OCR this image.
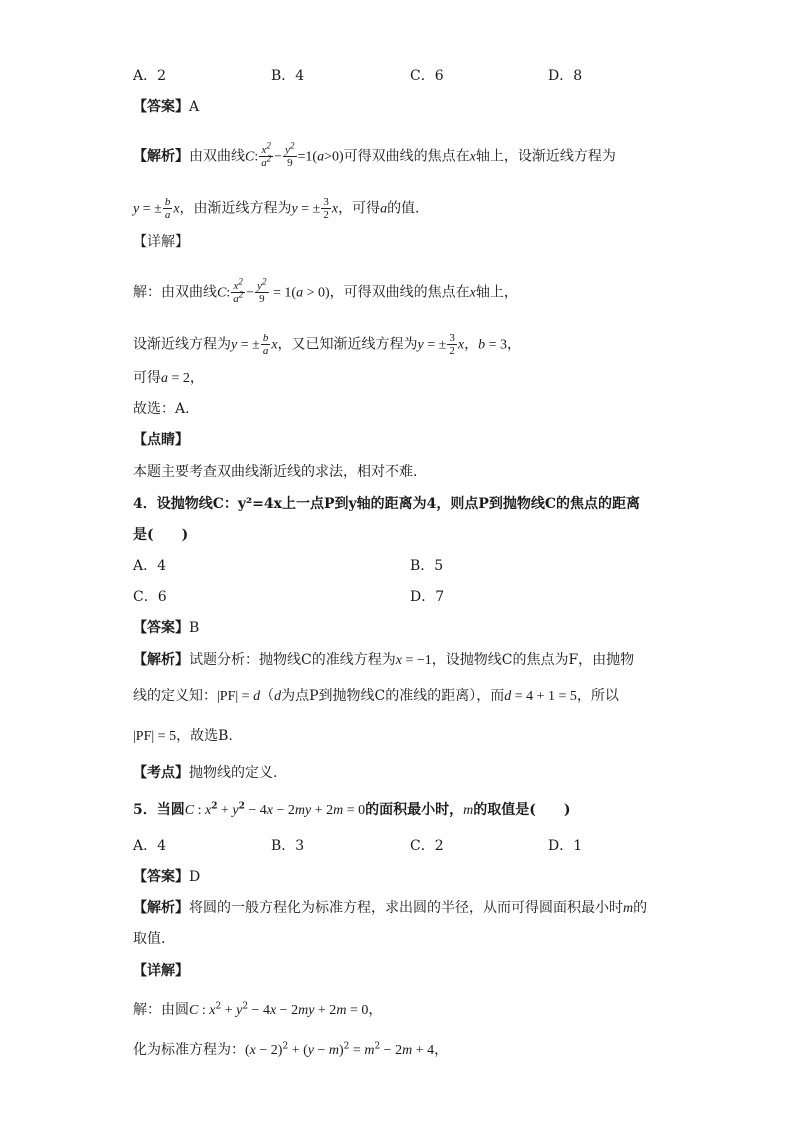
A．2	B．4	C．6	D．8
【答案】A
【解析】由双曲线C: $\frac{x^2}{a^2} - \frac{y^2}{9} =1(a>0)$可得双曲线的焦点在x轴上，设渐近线方程为
y = ± $\frac{b}{a}$ x，由渐近线方程为y = ± $\frac{3}{2}$ x，可得a的值.
【详解】
解：由双曲线C: $\frac{x^2}{a^2} - \frac{y^2}{9} = 1(a > 0)$，可得双曲线的焦点在x轴上，
设渐近线方程为y = ± $\frac{b}{a}$ x，又已知渐近线方程为y = ± $\frac{3}{2}$ x，b = 3，
可得a = 2，
故选：A.
【点睛】
本题主要考查双曲线渐近线的求法，相对不难.
4．设抛物线C：y²=4x上一点P到y轴的距离为4，则点P到抛物线C的焦点的距离
是(　　)
A．4	B．5
C．6	D．7
【答案】B
【解析】试题分析：抛物线C的准线方程为x = −1，设抛物线C的焦点为F，由抛物
线的定义知：|PF| = d（d为点P到抛物线C的准线的距离），而d = 4 + 1 = 5，所以
|PF| = 5，故选B.
【考点】抛物线的定义.
5．当圆C : $x^2 + y^2 - 4x - 2my + 2m = 0$的面积最小时，m的取值是(　　)
A．4	B．3	C．2	D．1
【答案】D
【解析】将圆的一般方程化为标准方程，求出圆的半径，从而可得圆面积最小时m的
取值.
【详解】
解：由圆C : $x^2 + y^2 - 4x - 2my + 2m = 0$，
化为标准方程为：$(x - 2)^2 + (y - m)^2 = m^2 - 2m + 4$，
